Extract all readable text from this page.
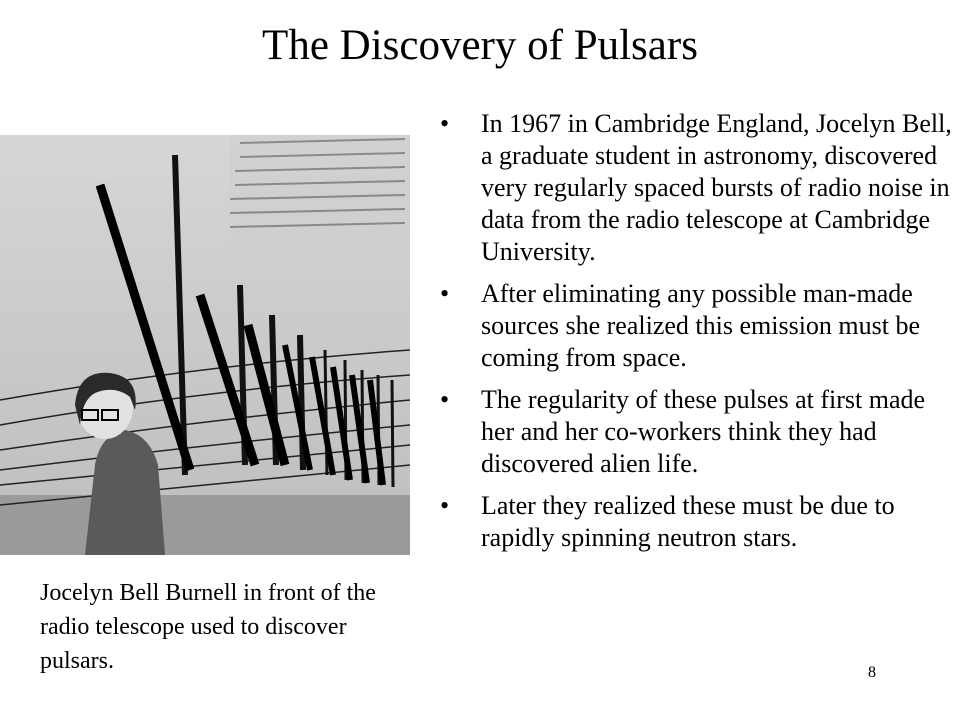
The Discovery of Pulsars
Jocelyn Bell Burnell in front of the radio telescope used to discover pulsars.
• In 1967 in Cambridge England, Jocelyn Bell, a graduate student in astronomy, discovered very regularly spaced bursts of radio noise in data from the radio telescope at Cambridge University.
• After eliminating any possible man-made sources she realized this emission must be coming from space.
• The regularity of these pulses at first made her and her co-workers think they had discovered alien life.
• Later they realized these must be due to rapidly spinning neutron stars.
8
